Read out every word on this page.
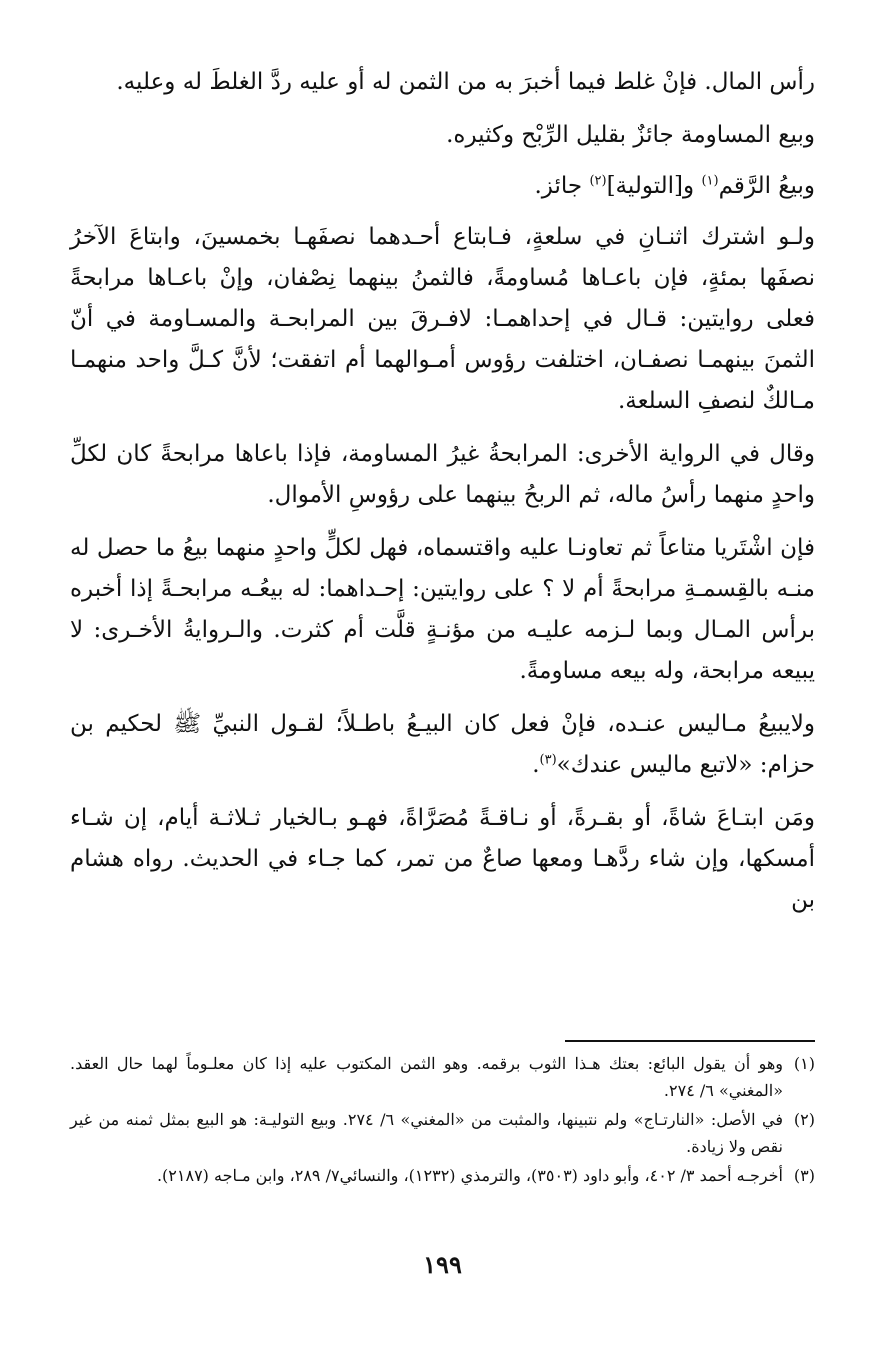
رأس المال. فإنْ غلط فيما أخبرَ به من الثمن له أو عليه ردَّ الغلطَ له وعليه.

وبيع المساومة جائزٌ بقليل الرِّبْح وكثيره.

وبيعُ الرَّقم$^{(١)}$ و[التولية]$^{(٢)}$ جائز.

ولـو اشترك اثنـانِ في سلعةٍ، فـابتاع أحـدهما نصفَهـا بخمسينَ، وابتاعَ الآخرُ نصفَها بمئةٍ، فإن باعـاها مُساومةً، فالثمنُ بينهما نِصْفان، وإنْ باعـاها مرابحةً فعلى روايتين: قـال في إحداهمـا: لافـرقَ بين المرابحـة والمسـاومة في أنّ الثمنَ بينهمـا نصفـان، اختلفت رؤوس أمـوالهما أم اتفقت؛ لأنَّ كـلَّ واحد منهمـا مـالكٌ لنصفِ السلعة.

وقال في الرواية الأخرى: المرابحةُ غيرُ المساومة، فإذا باعاها مرابحةً كان لكلِّ واحدٍ منهما رأسُ ماله، ثم الربحُ بينهما على رؤوسِ الأموال.

فإن اشْتَريا متاعاً ثم تعاونـا عليه واقتسماه، فهل لكلٍّ واحدٍ منهما بيعُ ما حصل له منـه بالقِسمـةِ مرابحةً أم لا ؟ على روايتين: إحـداهما: له بيعُـه مرابحـةً إذا أخبره برأس المـال وبما لـزمه عليـه من مؤنـةٍ قلَّت أم كثرت. والـروايةُ الأخـرى: لا يبيعه مرابحة، وله بيعه مساومةً.

ولايبيعُ مـاليس عنـده، فإنْ فعل كان البيـعُ باطـلاً؛ لقـول النبيِّ ﷺ لحكيم بن حزام: «لاتبع ماليس عندك»$^{(٣)}$.

ومَن ابتـاعَ شاةً، أو بقـرةً، أو نـاقـةً مُصَرَّاةً، فهـو بـالخيار ثـلاثـة أيام، إن شـاء أمسكها، وإن شاء ردَّهـا ومعها صاعٌ من تمر، كما جـاء في الحديث. رواه هشام بن

(١)
وهو أن يقول البائع: بعتك هـذا الثوب برقمه. وهو الثمن المكتوب عليه إذا كان معلـوماً لهما حال العقد. «المغني» ٦/ ٢٧٤.
(٢)
في الأصل: «النارتـاج» ولم نتبينها، والمثبت من «المغني» ٦/ ٢٧٤. وبيع التوليـة: هو البيع بمثل ثمنه من غير نقص ولا زيادة.
(٣)
أخرجـه أحمد ٣/ ٤٠٢، وأبو داود (٣٥٠٣)، والترمذي (١٢٣٢)، والنسائي٧/ ٢٨٩، وابن مـاجه (٢١٨٧).
١٩٩
